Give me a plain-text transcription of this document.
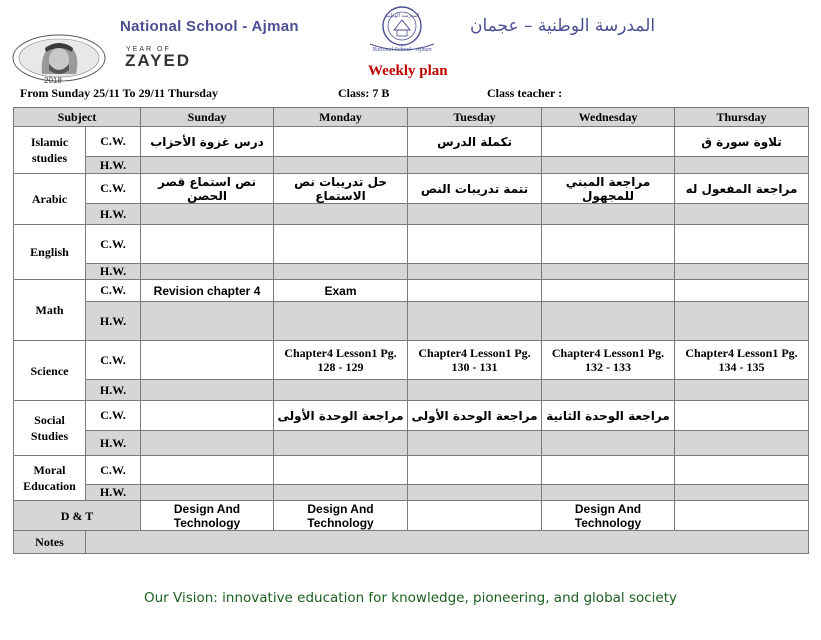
National School - Ajman	المدرسة الوطنية – عجمان
YEAR OF
ZAYED
2018
المدرسة الوطنية
National School - Ajman
Weekly plan
From Sunday 25/11 To 29/11 Thursday	Class: 7 B	Class teacher :
Subject		Sunday	Monday	Tuesday	Wednesday	Thursday
Islamic studies	C.W.	درس غزوة الأحزاب		تكملة الدرس		تلاوة سورة ق
	H.W.					
Arabic	C.W.	نص استماع قصر الحصن	حل تدريبات نص الاستماع	تتمة تدريبات النص	مراجعة المبني للمجهول	مراجعة المفعول له
	H.W.					
English	C.W.					
	H.W.					
Math	C.W.	Revision chapter 4	Exam			
	H.W.					
Science	C.W.		Chapter4 Lesson1 Pg. 128 - 129	Chapter4 Lesson1 Pg. 130 - 131	Chapter4 Lesson1 Pg. 132 - 133	Chapter4 Lesson1 Pg. 134 - 135
	H.W.					
Social Studies	C.W.		مراجعة الوحدة الأولى	مراجعة الوحدة الأولى	مراجعة الوحدة الثانية	
	H.W.					
Moral Education	C.W.					
	H.W.					
D & T		Design And Technology	Design And Technology		Design And Technology	
Notes						
Our Vision: innovative education for knowledge, pioneering, and global society
